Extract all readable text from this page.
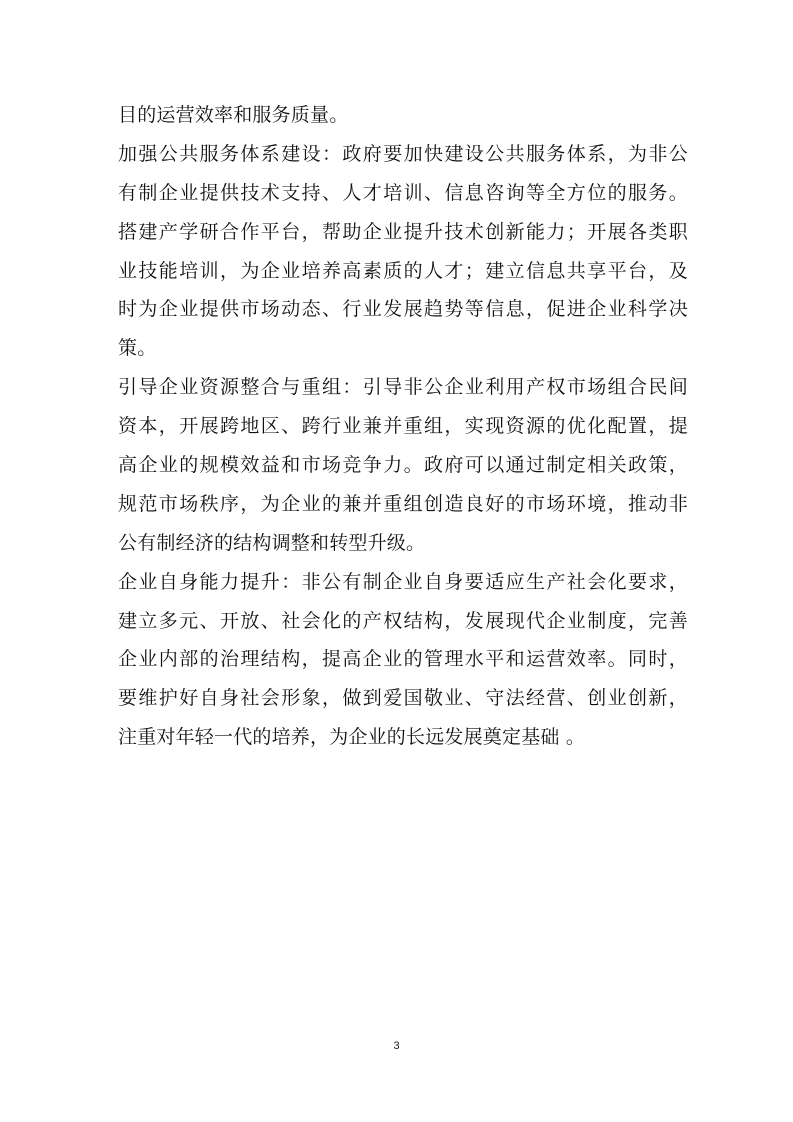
目的运营效率和服务质量。
加强公共服务体系建设：政府要加快建设公共服务体系，为非公
有制企业提供技术支持、人才培训、信息咨询等全方位的服务。
搭建产学研合作平台，帮助企业提升技术创新能力；开展各类职
业技能培训，为企业培养高素质的人才；建立信息共享平台，及
时为企业提供市场动态、行业发展趋势等信息，促进企业科学决
策。
引导企业资源整合与重组：引导非公企业利用产权市场组合民间
资本，开展跨地区、跨行业兼并重组，实现资源的优化配置，提
高企业的规模效益和市场竞争力。政府可以通过制定相关政策，
规范市场秩序，为企业的兼并重组创造良好的市场环境，推动非
公有制经济的结构调整和转型升级。
企业自身能力提升：非公有制企业自身要适应生产社会化要求，
建立多元、开放、社会化的产权结构，发展现代企业制度，完善
企业内部的治理结构，提高企业的管理水平和运营效率。同时，
要维护好自身社会形象，做到爱国敬业、守法经营、创业创新，
注重对年轻一代的培养，为企业的长远发展奠定基础 。
3
